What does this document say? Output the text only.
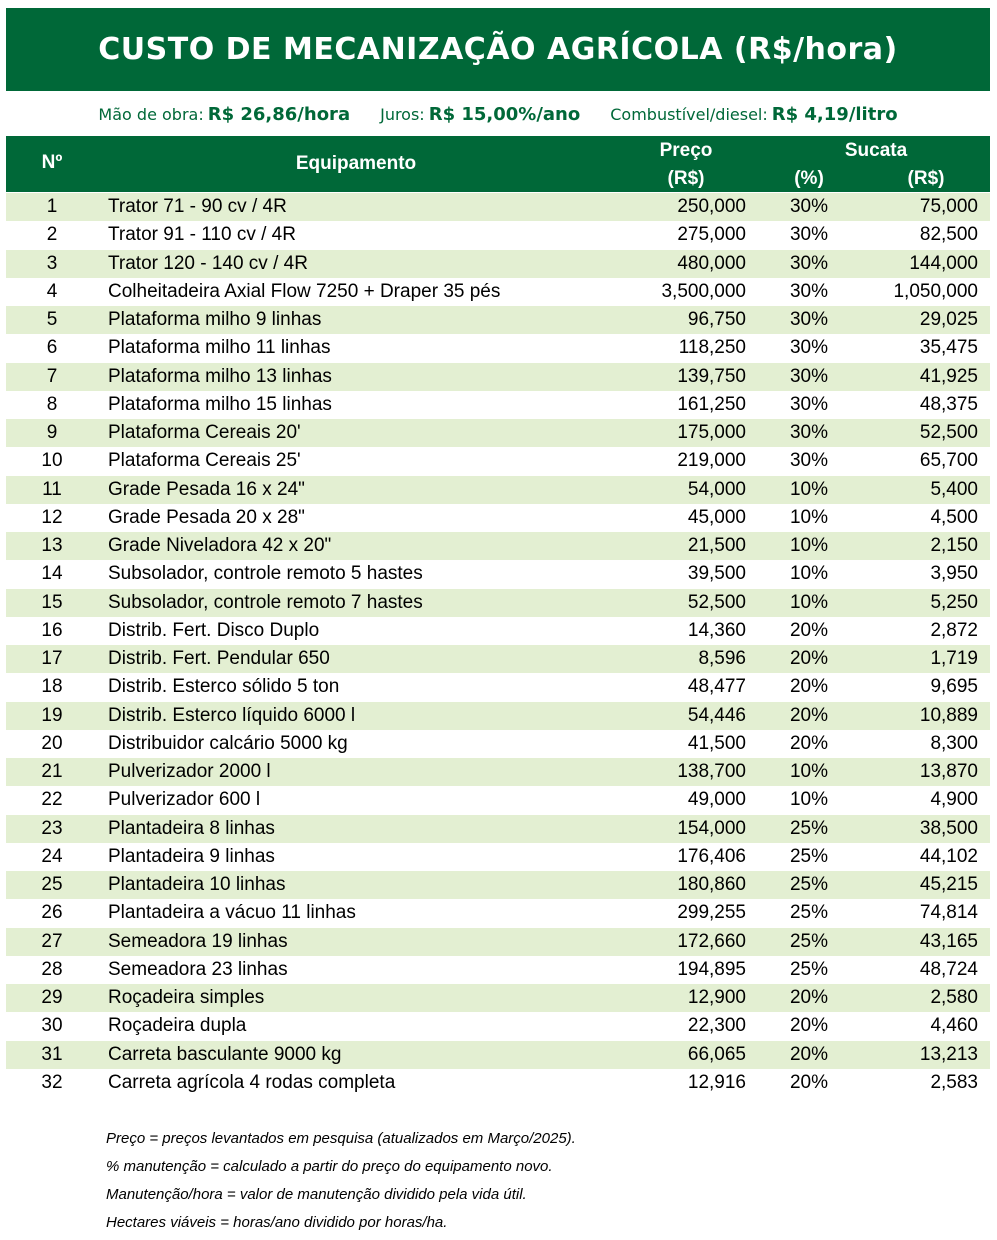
CUSTO DE MECANIZAÇÃO AGRÍCOLA (R$/hora)
Mão de obra: R$ 26,86/hora Juros: R$ 15,00%/ano Combustível/diesel: R$ 4,19/litro
Nº	Equipamento
Preço
(R$)
Sucata
(%)	(R$)
1	Trator 71 - 90 cv / 4R	250,000	30%	75,000
2	Trator 91 - 110 cv / 4R	275,000	30%	82,500
3	Trator 120 - 140 cv / 4R	480,000	30%	144,000
4	Colheitadeira Axial Flow 7250 + Draper 35 pés	3,500,000	30%	1,050,000
5	Plataforma milho 9 linhas	96,750	30%	29,025
6	Plataforma milho 11 linhas	118,250	30%	35,475
7	Plataforma milho 13 linhas	139,750	30%	41,925
8	Plataforma milho 15 linhas	161,250	30%	48,375
9	Plataforma Cereais 20'	175,000	30%	52,500
10	Plataforma Cereais 25'	219,000	30%	65,700
11	Grade Pesada 16 x 24"	54,000	10%	5,400
12	Grade Pesada 20 x 28"	45,000	10%	4,500
13	Grade Niveladora 42 x 20"	21,500	10%	2,150
14	Subsolador, controle remoto 5 hastes	39,500	10%	3,950
15	Subsolador, controle remoto 7 hastes	52,500	10%	5,250
16	Distrib. Fert. Disco Duplo	14,360	20%	2,872
17	Distrib. Fert. Pendular 650	8,596	20%	1,719
18	Distrib. Esterco sólido 5 ton	48,477	20%	9,695
19	Distrib. Esterco líquido 6000 l	54,446	20%	10,889
20	Distribuidor calcário 5000 kg	41,500	20%	8,300
21	Pulverizador 2000 l	138,700	10%	13,870
22	Pulverizador 600 l	49,000	10%	4,900
23	Plantadeira 8 linhas	154,000	25%	38,500
24	Plantadeira 9 linhas	176,406	25%	44,102
25	Plantadeira 10 linhas	180,860	25%	45,215
26	Plantadeira a vácuo 11 linhas	299,255	25%	74,814
27	Semeadora 19 linhas	172,660	25%	43,165
28	Semeadora 23 linhas	194,895	25%	48,724
29	Roçadeira simples	12,900	20%	2,580
30	Roçadeira dupla	22,300	20%	4,460
31	Carreta basculante 9000 kg	66,065	20%	13,213
32	Carreta agrícola 4 rodas completa	12,916	20%	2,583
Preço = preços levantados em pesquisa (atualizados em Março/2025).
% manutenção = calculado a partir do preço do equipamento novo.
Manutenção/hora = valor de manutenção dividido pela vida útil.
Hectares viáveis = horas/ano dividido por horas/ha.
